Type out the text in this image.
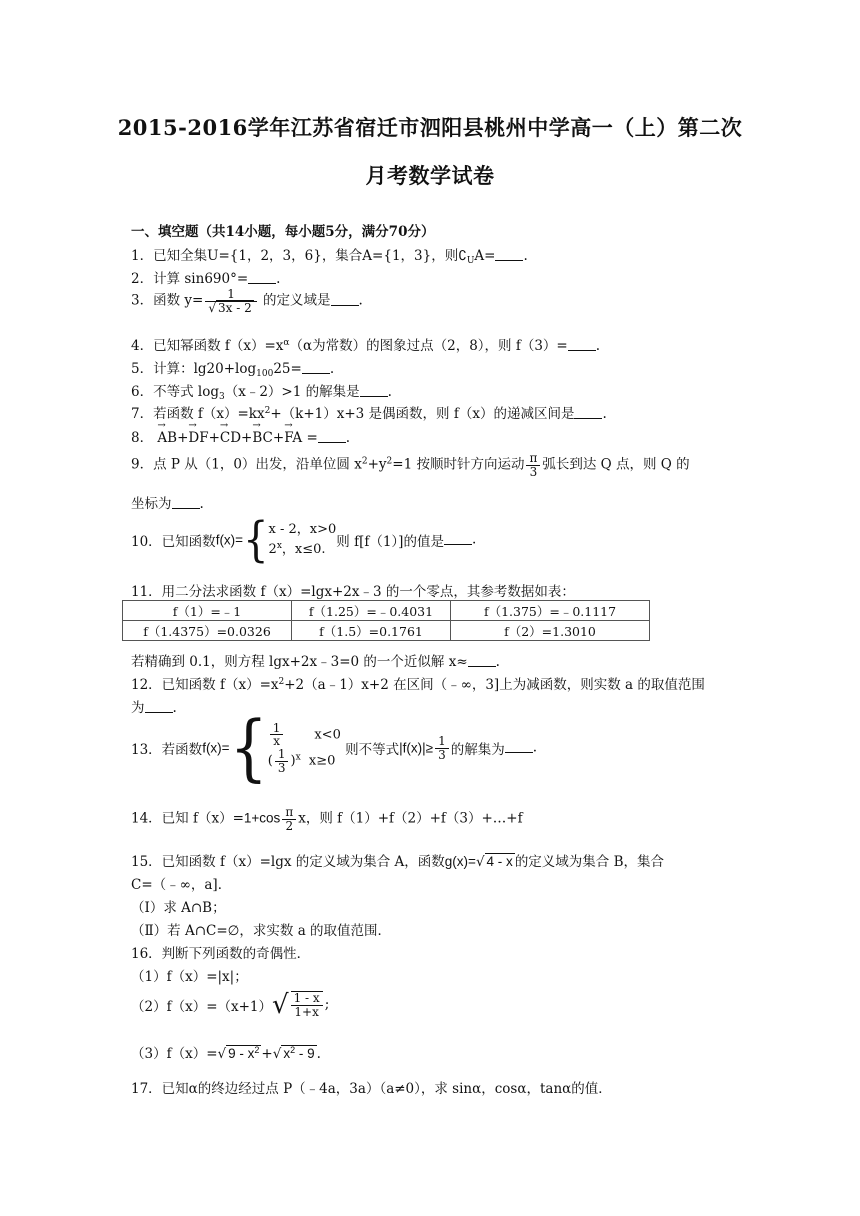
2015-2016学年江苏省宿迁市泗阳县桃州中学高一（上）第二次
月考数学试卷
一、填空题（共14小题，每小题5分，满分70分）
1．已知全集U={1，2，3，6}，集合A={1，3}，则$∁_UA=$ .
2．计算 sin690°= .
3．函数 $y= \frac{1}{√ 3x - 2}$ 的定义域是 .
4．已知幂函数 $f(x)=x^\alpha(\alpha$为常数）的图象过点（2，8），则 f（3）= .
5．计算：$\lg 20+\log_{100}25=$ .
6．不等式 $\log_3(x﹣2)>1$ 的解集是 .
7．若函数 $f(x)=kx^2+(k+1)x+3$ 是偶函数，则 f（x）的递减区间是 .
8． → AB+→ DF+→ CD+→ BC+→ FA = .
9．点 P 从（1，0）出发，沿单位圆 $x^2+y^2=1$ 按顺时针方向运动 $\frac{\pi}{3}$ 弧长到达 Q 点，则 Q 的
坐标为 .
10．已知函数f(x)={ x - 2，x>0
2$^x$，x≤0. 则 f[f（1）]的值是 .
11．用二分法求函数 f（x）=lgx+2x﹣3 的一个零点，其参考数据如表：
f（1）=﹣1	f（1.25）=﹣0.4031	f（1.375）=﹣0.1117
f（1.4375）=0.0326	f（1.5）=0.1761	f（2）=1.3010
若精确到 0.1，则方程 lgx+2x﹣3=0 的一个近似解 x≈ .
12．已知函数 $f(x)=x^2+2(a﹣1)x+2$ 在区间（﹣∞，3]上为减函数，则实数 a 的取值范围
为 .
13．若函数$f(x)=\{ \frac{1}{x} x<0$
( $\frac{1}{3} )^x$ x≥0
则不等式$|f(x)|\ge \frac{1}{3}$ 的解集为 .
14．已知 $f(x)=1+\cos \frac{\pi}{2}$ x，则 f（1）+f（2）+f（3）+…+f
15．已知函数 f（x）=lgx 的定义域为集合 A，函数g(x)=√ 4 - x 的定义域为集合 B，集合
C=（﹣∞，a]．
（Ⅰ）求 A∩B；
（Ⅱ）若 A∩C=∅，求实数 a 的取值范围．
16．判断下列函数的奇偶性．
（1）f（x）=|x|；
$(2)f(x)=(x+1)√ \frac{1 - x}{1+x}$ ;
（3）f（x）=√ $9 - x^2$ +√ $x^2 - 9$ .
17．已知α的终边经过点 P（﹣4a，3a）（a≠0），求 sinα，cosα，tanα的值．
